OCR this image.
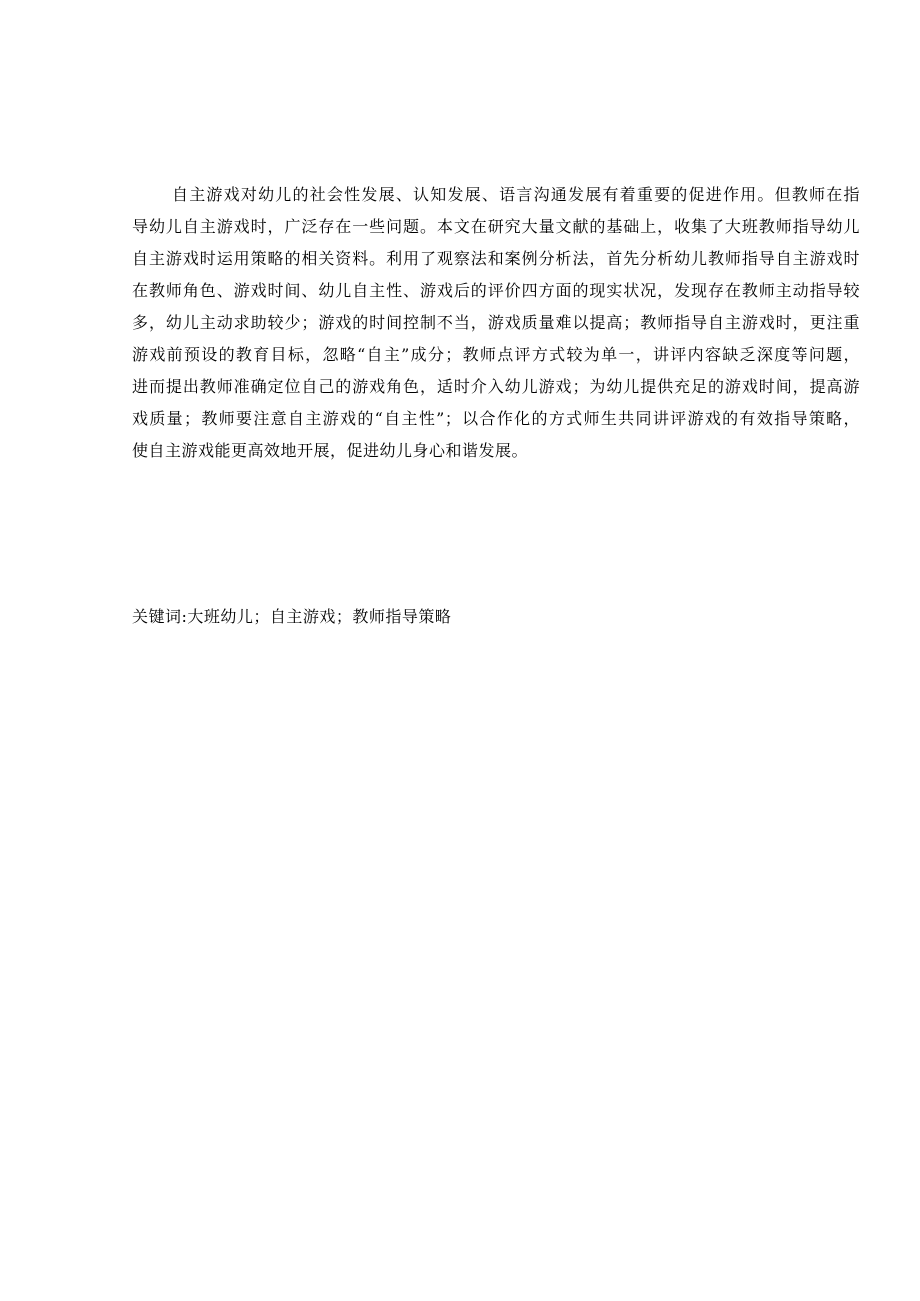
自主游戏对幼儿的社会性发展、认知发展、语言沟通发展有着重要的促进作用。但教师在指
导幼儿自主游戏时，广泛存在一些问题。本文在研究大量文献的基础上，收集了大班教师指导幼儿
自主游戏时运用策略的相关资料。利用了观察法和案例分析法，首先分析幼儿教师指导自主游戏时
在教师角色、游戏时间、幼儿自主性、游戏后的评价四方面的现实状况，发现存在教师主动指导较
多，幼儿主动求助较少；游戏的时间控制不当，游戏质量难以提高；教师指导自主游戏时，更注重
游戏前预设的教育目标，忽略“自主”成分；教师点评方式较为单一，讲评内容缺乏深度等问题，
进而提出教师准确定位自己的游戏角色，适时介入幼儿游戏；为幼儿提供充足的游戏时间，提高游
戏质量；教师要注意自主游戏的“自主性”；以合作化的方式师生共同讲评游戏的有效指导策略，
使自主游戏能更高效地开展，促进幼儿身心和谐发展。
关键词:大班幼儿；自主游戏；教师指导策略
